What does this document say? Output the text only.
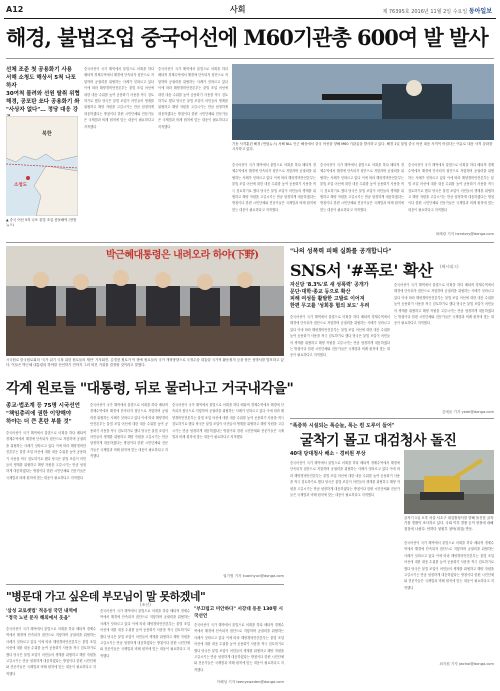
A12	사회	제 76395호 2016년 11월 2일 수요일 동아일보
해경, 불법조업 중국어선에 M60기관총 600여 발 발사
선체 조준 첫 공용화기 사용
서해 소청도 해상서 5척 나포하자
30여척 몰려와 선원 탈취 위협
해경, 공포탄 쏘다 공용화기 쏴
"사상자 없다"… 정당 대응 강
북한
소청도
▲ 중국 어선 5척 나포 불법 조업 충돌해역 (연합뉴스)
중국어선이 국가 해역에서 불법으로 어획을 하다 배타적 경제수역에서 해경에 단속되자 집단으로 저항하며 공권력을 위협하는 사례가 잇따르고 있다 이에 따라 해양경비안전본부는 불법 조업 어선에 대한 대응 수위를 높여 공용화기 사용을 적극 검토하기로 했다 당국은 불법 조업이 어민들의 생계를 위협하고 해양 자원을 고갈시키는 만큼 엄정하게 대응하겠다는 방침이다 한편 시민단체와 전문가들은 국제법과 비례 원칙에 맞는 대응이 필요하다고 지적했다
중국어선이 국가 해역에서 불법으로 어획을 하다 배타적 경제수역에서 해경에 단속되자 집단으로 저항하며 공권력을 위협하는 사례가 잇따르고 있다 이에 따라 해양경비안전본부는 불법 조업 어선에 대한 대응 수위를 높여 공용화기 사용을 적극 검토하기로 했다 당국은 불법 조업이 어민들의 생계를 위협하고 해양 자원을 고갈시키는 만큼 엄정하게 대응하겠다는 방침이다 한편 시민단체와 전문가들은 국제법과 비례 원칙에 맞는 대응이 필요하다고 지적했다
기동 사격훈련 해경 (연합뉴스) 서해 NLL 인근 해상에서 중국 어선을 향해 M60 기관총을 발사하고 있다. 해경 1일 불법 중국 어선 대응 사격이 어렵다는 이유로 대응 사격 강화를 시사하고 있다.
중국어선이 국가 해역에서 불법으로 어획을 하다 배타적 경제수역에서 해경에 단속되자 집단으로 저항하며 공권력을 위협하는 사례가 잇따르고 있다 이에 따라 해양경비안전본부는 불법 조업 어선에 대한 대응 수위를 높여 공용화기 사용을 적극 검토하기로 했다 당국은 불법 조업이 어민들의 생계를 위협하고 해양 자원을 고갈시키는 만큼 엄정하게 대응하겠다는 방침이다 한편 시민단체와 전문가들은 국제법과 비례 원칙에 맞는 대응이 필요하다고 지적했다
중국어선이 국가 해역에서 불법으로 어획을 하다 배타적 경제수역에서 해경에 단속되자 집단으로 저항하며 공권력을 위협하는 사례가 잇따르고 있다 이에 따라 해양경비안전본부는 불법 조업 어선에 대한 대응 수위를 높여 공용화기 사용을 적극 검토하기로 했다 당국은 불법 조업이 어민들의 생계를 위협하고 해양 자원을 고갈시키는 만큼 엄정하게 대응하겠다는 방침이다 한편 시민단체와 전문가들은 국제법과 비례 원칙에 맞는 대응이 필요하다고 지적했다
중국어선이 국가 해역에서 불법으로 어획을 하다 배타적 경제수역에서 해경에 단속되자 집단으로 저항하며 공권력을 위협하는 사례가 잇따르고 있다 이에 따라 해양경비안전본부는 불법 조업 어선에 대한 대응 수위를 높여 공용화기 사용을 적극 검토하기로 했다 당국은 불법 조업이 어민들의 생계를 위협하고 해양 자원을 고갈시키는 만큼 엄정하게 대응하겠다는 방침이다 한편 시민단체와 전문가들은 국제법과 비례 원칙에 맞는 대응이 필요하다고 지적했다
최혜령 기자 herstory@donga.com
박근혜대통령은 내려오라 하야(下野)
시국원로 한국원로회의 '국가 위기 극복 위한 원로들의 제안' 기자회견. 김경천 원로가 이 밖에 원로들의 국가 개혁방향으로 국정수습 대통령 국가적 활동원칙 등을 담은 성명서를 발표하고 있다. 이들은 박근혜 대통령의 하야를 선언하기 전까지 그의 퇴진 거취를 결정할 것이라고 말했다.
각계 원로들 "대통령, 뒤로 물러나고 거국내각을"
종교·법조계 등 75명 시국선언
"책임총리에 권한 이양해야
하야는 더 큰 혼란 부를 것"
중국어선이 국가 해역에서 불법으로 어획을 하다 배타적 경제수역에서 해경에 단속되자 집단으로 저항하며 공권력을 위협하는 사례가 잇따르고 있다 이에 따라 해양경비안전본부는 불법 조업 어선에 대한 대응 수위를 높여 공용화기 사용을 적극 검토하기로 했다 당국은 불법 조업이 어민들의 생계를 위협하고 해양 자원을 고갈시키는 만큼 엄정하게 대응하겠다는 방침이다 한편 시민단체와 전문가들은 국제법과 비례 원칙에 맞는 대응이 필요하다고 지적했다
중국어선이 국가 해역에서 불법으로 어획을 하다 배타적 경제수역에서 해경에 단속되자 집단으로 저항하며 공권력을 위협하는 사례가 잇따르고 있다 이에 따라 해양경비안전본부는 불법 조업 어선에 대한 대응 수위를 높여 공용화기 사용을 적극 검토하기로 했다 당국은 불법 조업이 어민들의 생계를 위협하고 해양 자원을 고갈시키는 만큼 엄정하게 대응하겠다는 방침이다 한편 시민단체와 전문가들은 국제법과 비례 원칙에 맞는 대응이 필요하다고 지적했다
중국어선이 국가 해역에서 불법으로 어획을 하다 배타적 경제수역에서 해경에 단속되자 집단으로 저항하며 공권력을 위협하는 사례가 잇따르고 있다 이에 따라 해양경비안전본부는 불법 조업 어선에 대한 대응 수위를 높여 공용화기 사용을 적극 검토하기로 했다 당국은 불법 조업이 어민들의 생계를 위협하고 해양 자원을 고갈시키는 만큼 엄정하게 대응하겠다는 방침이다 한편 시민단체와 전문가들은 국제법과 비례 원칙에 맞는 대응이 필요하다고 지적했다
권기범 기자 kuanhyun@donga.com
"나의 성폭력 피해 실화를 공개합니다"
SNS서 '#폭로' 확산 (해시태그)
자신당 '8.3%'로 새 성폭력' 공개가
문단·대학·종교 등으로 확산
피해 여성들 활발한 고발로 이어져
한편 무고를 '성희롱 혐의 보도' 우려
중국어선이 국가 해역에서 불법으로 어획을 하다 배타적 경제수역에서 해경에 단속되자 집단으로 저항하며 공권력을 위협하는 사례가 잇따르고 있다 이에 따라 해양경비안전본부는 불법 조업 어선에 대한 대응 수위를 높여 공용화기 사용을 적극 검토하기로 했다 당국은 불법 조업이 어민들의 생계를 위협하고 해양 자원을 고갈시키는 만큼 엄정하게 대응하겠다는 방침이다 한편 시민단체와 전문가들은 국제법과 비례 원칙에 맞는 대응이 필요하다고 지적했다
중국어선이 국가 해역에서 불법으로 어획을 하다 배타적 경제수역에서 해경에 단속되자 집단으로 저항하며 공권력을 위협하는 사례가 잇따르고 있다 이에 따라 해양경비안전본부는 불법 조업 어선에 대한 대응 수위를 높여 공용화기 사용을 적극 검토하기로 했다 당국은 불법 조업이 어민들의 생계를 위협하고 해양 자원을 고갈시키는 만큼 엄정하게 대응하겠다는 방침이다 한편 시민단체와 전문가들은 국제법과 비례 원칙에 맞는 대응이 필요하다고 지적했다
김예윤 기자 yeah@donga.com
"폭증하 시설되는 폭순늘, 폭는 컴 도루이 들어"
굴착기 몰고 대검청사 돌진
40대 당대청사 배소 · 경비원 부상
중국어선이 국가 해역에서 불법으로 어획을 하다 배타적 경제수역에서 해경에 단속되자 집단으로 저항하며 공권력을 위협하는 사례가 잇따르고 있다 이에 따라 해양경비안전본부는 불법 조업 어선에 대한 대응 수위를 높여 공용화기 사용을 적극 검토하기로 했다 당국은 불법 조업이 어민들의 생계를 위협하고 해양 자원을 고갈시키는 만큼 엄정하게 대응하겠다는 방침이다 한편 시민단체와 전문가들은 국제법과 비례 원칙에 맞는 대응이 필요하다고 지적했다
굴착기 1일 오후 서울 서초구 대검찰청사를 향해 돌진한 굴착기를 경찰이 조사하고 있다. 국회 이후 경찰 등이 현장에 대해 점검에 나섰다. 안하다 청원부 청탁(대검) 반응.
중국어선이 국가 해역에서 불법으로 어획을 하다 배타적 경제수역에서 해경에 단속되자 집단으로 저항하며 공권력을 위협하는 사례가 잇따르고 있다 이에 따라 해양경비안전본부는 불법 조업 어선에 대한 대응 수위를 높여 공용화기 사용을 적극 검토하기로 했다 당국은 불법 조업이 어민들의 생계를 위협하고 해양 자원을 고갈시키는 만큼 엄정하게 대응하겠다는 방침이다 한편 시민단체와 전문가들은 국제법과 비례 원칙에 맞는 대응이 필요하다고 지적했다
최지원 기자 jwchoi@donga.com
"병문대 가고 싶은데 부모님이 말 못하겠네"
(조선)
'삼성 교로셋법' 적응성 국민 내역에
"정국 노년 문자 해외에서 웃음"
중국어선이 국가 해역에서 불법으로 어획을 하다 배타적 경제수역에서 해경에 단속되자 집단으로 저항하며 공권력을 위협하는 사례가 잇따르고 있다 이에 따라 해양경비안전본부는 불법 조업 어선에 대한 대응 수위를 높여 공용화기 사용을 적극 검토하기로 했다 당국은 불법 조업이 어민들의 생계를 위협하고 해양 자원을 고갈시키는 만큼 엄정하게 대응하겠다는 방침이다 한편 시민단체와 전문가들은 국제법과 비례 원칙에 맞는 대응이 필요하다고 지적했다
중국어선이 국가 해역에서 불법으로 어획을 하다 배타적 경제수역에서 해경에 단속되자 집단으로 저항하며 공권력을 위협하는 사례가 잇따르고 있다 이에 따라 해양경비안전본부는 불법 조업 어선에 대한 대응 수위를 높여 공용화기 사용을 적극 검토하기로 했다 당국은 불법 조업이 어민들의 생계를 위협하고 해양 자원을 고갈시키는 만큼 엄정하게 대응하겠다는 방침이다 한편 시민단체와 전문가들은 국제법과 비례 원칙에 맞는 대응이 필요하다고 지적했다
"부끄럽고 미안하다" 서강대 동문 130명 시국선언
중국어선이 국가 해역에서 불법으로 어획을 하다 배타적 경제수역에서 해경에 단속되자 집단으로 저항하며 공권력을 위협하는 사례가 잇따르고 있다 이에 따라 해양경비안전본부는 불법 조업 어선에 대한 대응 수위를 높여 공용화기 사용을 적극 검토하기로 했다 당국은 불법 조업이 어민들의 생계를 위협하고 해양 자원을 고갈시키는 만큼 엄정하게 대응하겠다는 방침이다 한편 시민단체와 전문가들은 국제법과 비례 원칙에 맞는 대응이 필요하다고 지적했다
이해성 기자 teenysweden@donga.com
